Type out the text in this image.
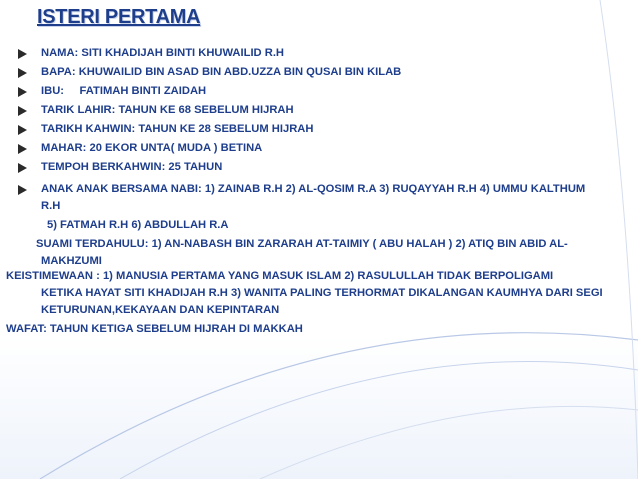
ISTERI PERTAMA
NAMA: SITI KHADIJAH BINTI KHUWAILID R.H
BAPA: KHUWAILID BIN ASAD BIN ABD.UZZA BIN QUSAI BIN KILAB
IBU:     FATIMAH BINTI ZAIDAH
TARIK LAHIR: TAHUN KE 68 SEBELUM HIJRAH
TARIKH KAHWIN: TAHUN KE 28 SEBELUM HIJRAH
MAHAR: 20 EKOR UNTA( MUDA ) BETINA
TEMPOH BERKAHWIN: 25 TAHUN
ANAK ANAK BERSAMA NABI: 1) ZAINAB R.H 2) AL-QOSIM R.A 3) RUQAYYAH R.H 4) UMMU KALTHUM
R.H
5) FATMAH R.H 6) ABDULLAH R.A
SUAMI TERDAHULU: 1) AN-NABASH BIN ZARARAH AT-TAIMIY ( ABU HALAH ) 2) ATIQ BIN ABID AL-
MAKHZUMI
KEISTIMEWAAN : 1) MANUSIA PERTAMA YANG MASUK ISLAM 2) RASULULLAH TIDAK BERPOLIGAMI
KETIKA HAYAT SITI KHADIJAH R.H 3) WANITA PALING TERHORMAT DIKALANGAN KAUMHYA DARI SEGI
KETURUNAN,KEKAYAAN DAN KEPINTARAN
WAFAT: TAHUN KETIGA SEBELUM HIJRAH DI MAKKAH
